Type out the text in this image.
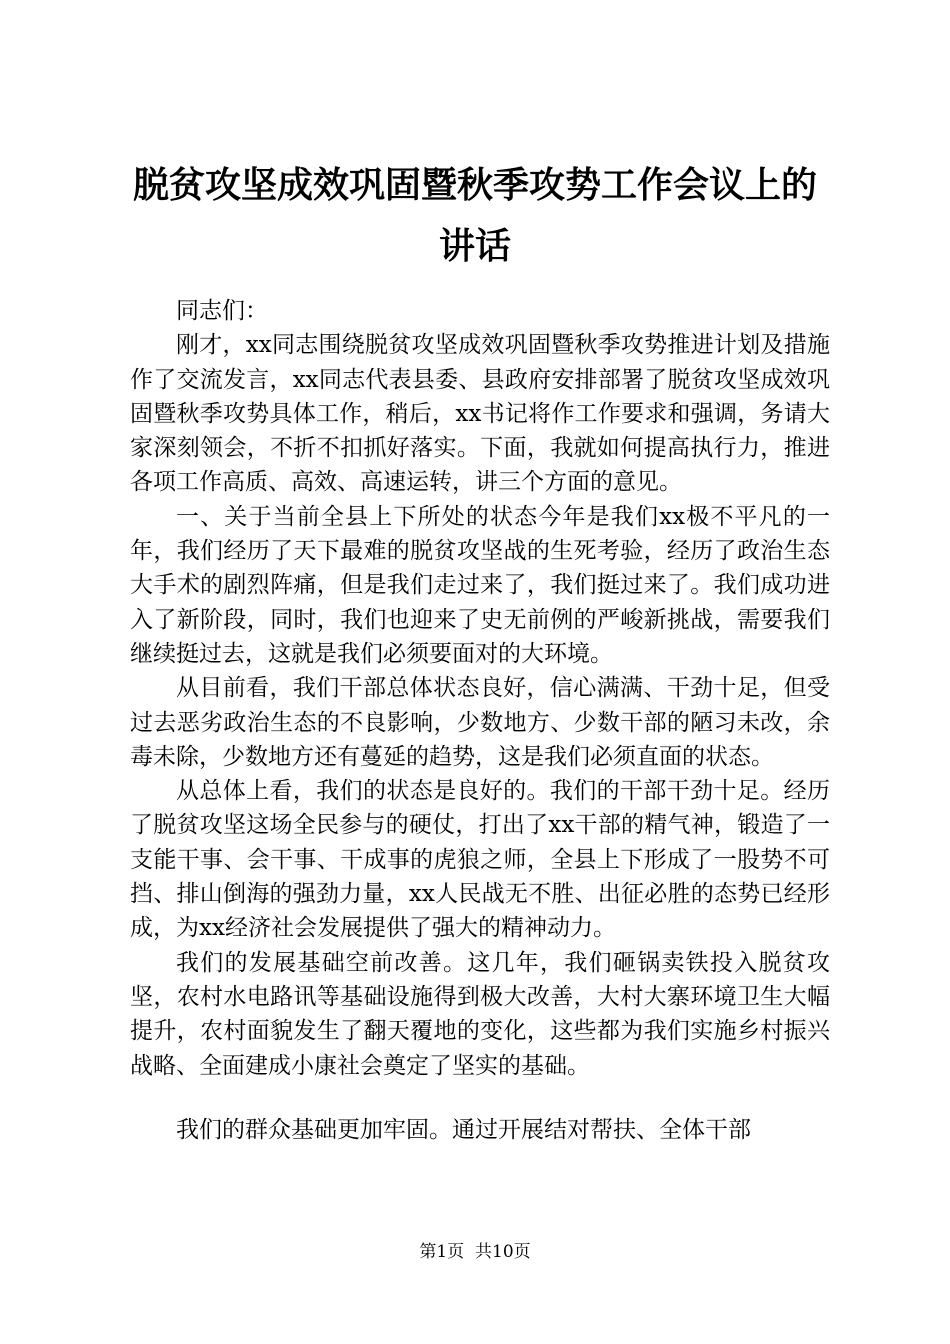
脱贫攻坚成效巩固暨秋季攻势工作会议上的讲话

同志们：

刚才，xx同志围绕脱贫攻坚成效巩固暨秋季攻势推进计划及措施作了交流发言，xx同志代表县委、县政府安排部署了脱贫攻坚成效巩固暨秋季攻势具体工作，稍后，xx书记将作工作要求和强调，务请大家深刻领会，不折不扣抓好落实。下面，我就如何提高执行力，推进各项工作高质、高效、高速运转，讲三个方面的意见。

一、关于当前全县上下所处的状态今年是我们xx极不平凡的一年，我们经历了天下最难的脱贫攻坚战的生死考验，经历了政治生态大手术的剧烈阵痛，但是我们走过来了，我们挺过来了。我们成功进入了新阶段，同时，我们也迎来了史无前例的严峻新挑战，需要我们继续挺过去，这就是我们必须要面对的大环境。

从目前看，我们干部总体状态良好，信心满满、干劲十足，但受过去恶劣政治生态的不良影响，少数地方、少数干部的陋习未改，余毒未除，少数地方还有蔓延的趋势，这是我们必须直面的状态。

从总体上看，我们的状态是良好的。我们的干部干劲十足。经历了脱贫攻坚这场全民参与的硬仗，打出了xx干部的精气神，锻造了一支能干事、会干事、干成事的虎狼之师，全县上下形成了一股势不可挡、排山倒海的强劲力量，xx人民战无不胜、出征必胜的态势已经形成，为xx经济社会发展提供了强大的精神动力。

我们的发展基础空前改善。这几年，我们砸锅卖铁投入脱贫攻坚，农村水电路讯等基础设施得到极大改善，大村大寨环境卫生大幅提升，农村面貌发生了翻天覆地的变化，这些都为我们实施乡村振兴战略、全面建成小康社会奠定了坚实的基础。

我们的群众基础更加牢固。通过开展结对帮扶、全体干部

第1页 共10页
